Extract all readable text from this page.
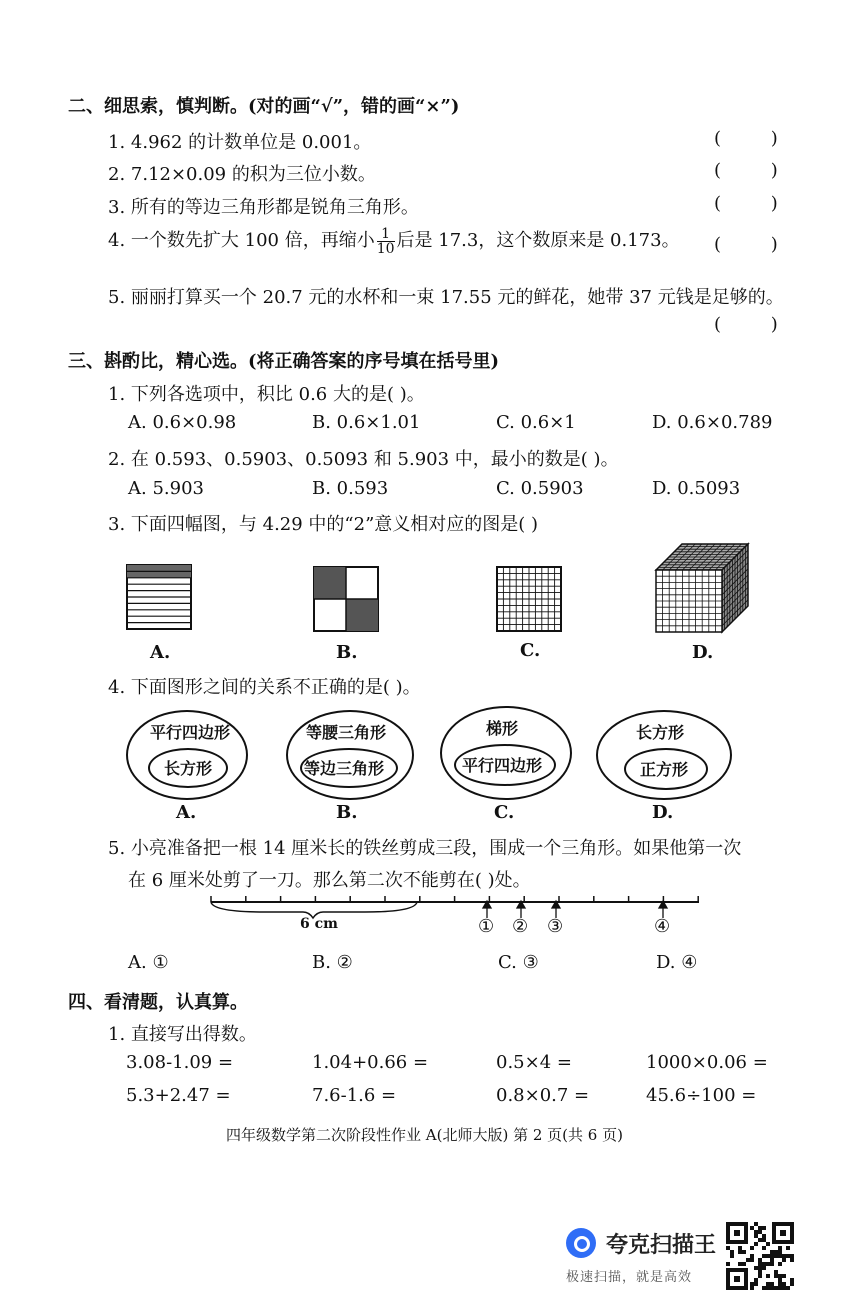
二、细思索，慎判断。(对的画“√”，错的画“×”)
1. 4.962 的计数单位是 0.001。	( )
2. 7.12×0.09 的积为三位小数。	( )
3. 所有的等边三角形都是锐角三角形。	( )
4. 一个数先扩大 100 倍，再缩小 $\frac{1}{10}$ 后是 17.3，这个数原来是 0.173。 ( )
5. 丽丽打算买一个 20.7 元的水杯和一束 17.55 元的鲜花，她带 37 元钱是足够的。
( )
三、斟酌比，精心选。(将正确答案的序号填在括号里)
1. 下列各选项中，积比 0.6 大的是( )。
A. 0.6×0.98	B. 0.6×1.01	C. 0.6×1	D. 0.6×0.789
2. 在 0.593、0.5903、0.5093 和 5.903 中，最小的数是( )。
A. 5.903	B. 0.593	C. 0.5903	D. 0.5093
3. 下面四幅图，与 4.29 中的“2”意义相对应的图是( )
A.	B.	C.	D.
4. 下面图形之间的关系不正确的是( )。
平行四边形
长方形
等腰三角形
等边三角形
梯形
平行四边形
长方形
正方形
A.	B.	C.	D.
5. 小亮准备把一根 14 厘米长的铁丝剪成三段，围成一个三角形。如果他第一次
在 6 厘米处剪了一刀。那么第二次不能剪在( )处。
6 cm	① ② ③	④
A. ①	B. ②	C. ③	D. ④
四、看清题，认真算。
1. 直接写出得数。
3.08-1.09 =	1.04+0.66 =	0.5×4 =	1000×0.06 =
5.3+2.47 =	7.6-1.6 =	0.8×0.7 =	45.6÷100 =
四年级数学第二次阶段性作业 A(北师大版) 第 2 页(共 6 页)
夸克扫描王
极速扫描，就是高效
